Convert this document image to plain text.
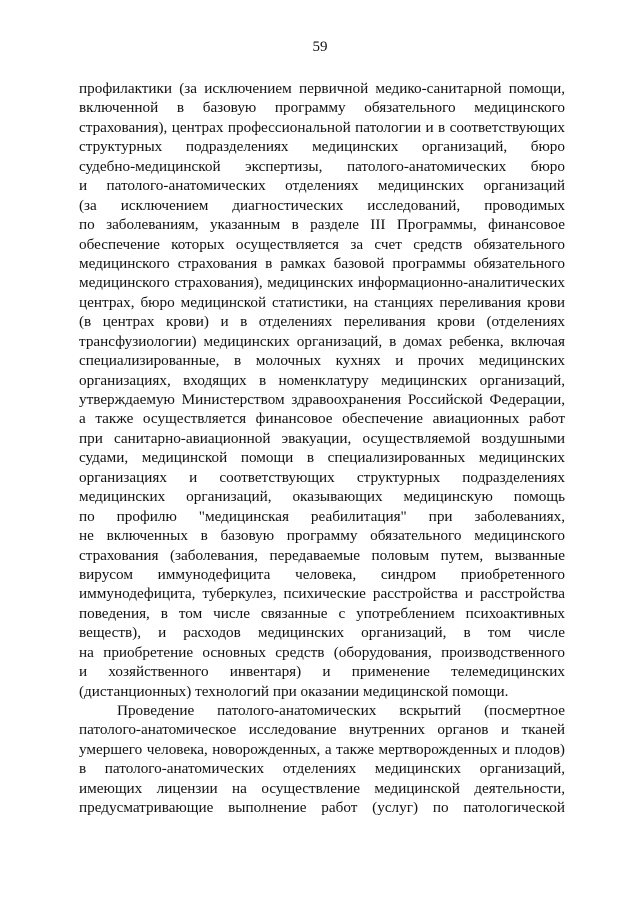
59
профилактики (за исключением первичной медико-санитарной помощи,
включенной в базовую программу обязательного медицинского
страхования), центрах профессиональной патологии и в соответствующих
структурных подразделениях медицинских организаций, бюро
судебно-медицинской экспертизы, патолого-анатомических бюро
и патолого-анатомических отделениях медицинских организаций
(за исключением диагностических исследований, проводимых
по заболеваниям, указанным в разделе III Программы, финансовое
обеспечение которых осуществляется за счет средств обязательного
медицинского страхования в рамках базовой программы обязательного
медицинского страхования), медицинских информационно-аналитических
центрах, бюро медицинской статистики, на станциях переливания крови
(в центрах крови) и в отделениях переливания крови (отделениях
трансфузиологии) медицинских организаций, в домах ребенка, включая
специализированные, в молочных кухнях и прочих медицинских
организациях, входящих в номенклатуру медицинских организаций,
утверждаемую Министерством здравоохранения Российской Федерации,
а также осуществляется финансовое обеспечение авиационных работ
при санитарно-авиационной эвакуации, осуществляемой воздушными
судами, медицинской помощи в специализированных медицинских
организациях и соответствующих структурных подразделениях
медицинских организаций, оказывающих медицинскую помощь
по профилю "медицинская реабилитация" при заболеваниях,
не включенных в базовую программу обязательного медицинского
страхования (заболевания, передаваемые половым путем, вызванные
вирусом иммунодефицита человека, синдром приобретенного
иммунодефицита, туберкулез, психические расстройства и расстройства
поведения, в том числе связанные с употреблением психоактивных
веществ), и расходов медицинских организаций, в том числе
на приобретение основных средств (оборудования, производственного
и хозяйственного инвентаря) и применение телемедицинских
(дистанционных) технологий при оказании медицинской помощи.
Проведение патолого-анатомических вскрытий (посмертное
патолого-анатомическое исследование внутренних органов и тканей
умершего человека, новорожденных, а также мертворожденных и плодов)
в патолого-анатомических отделениях медицинских организаций,
имеющих лицензии на осуществление медицинской деятельности,
предусматривающие выполнение работ (услуг) по патологической
